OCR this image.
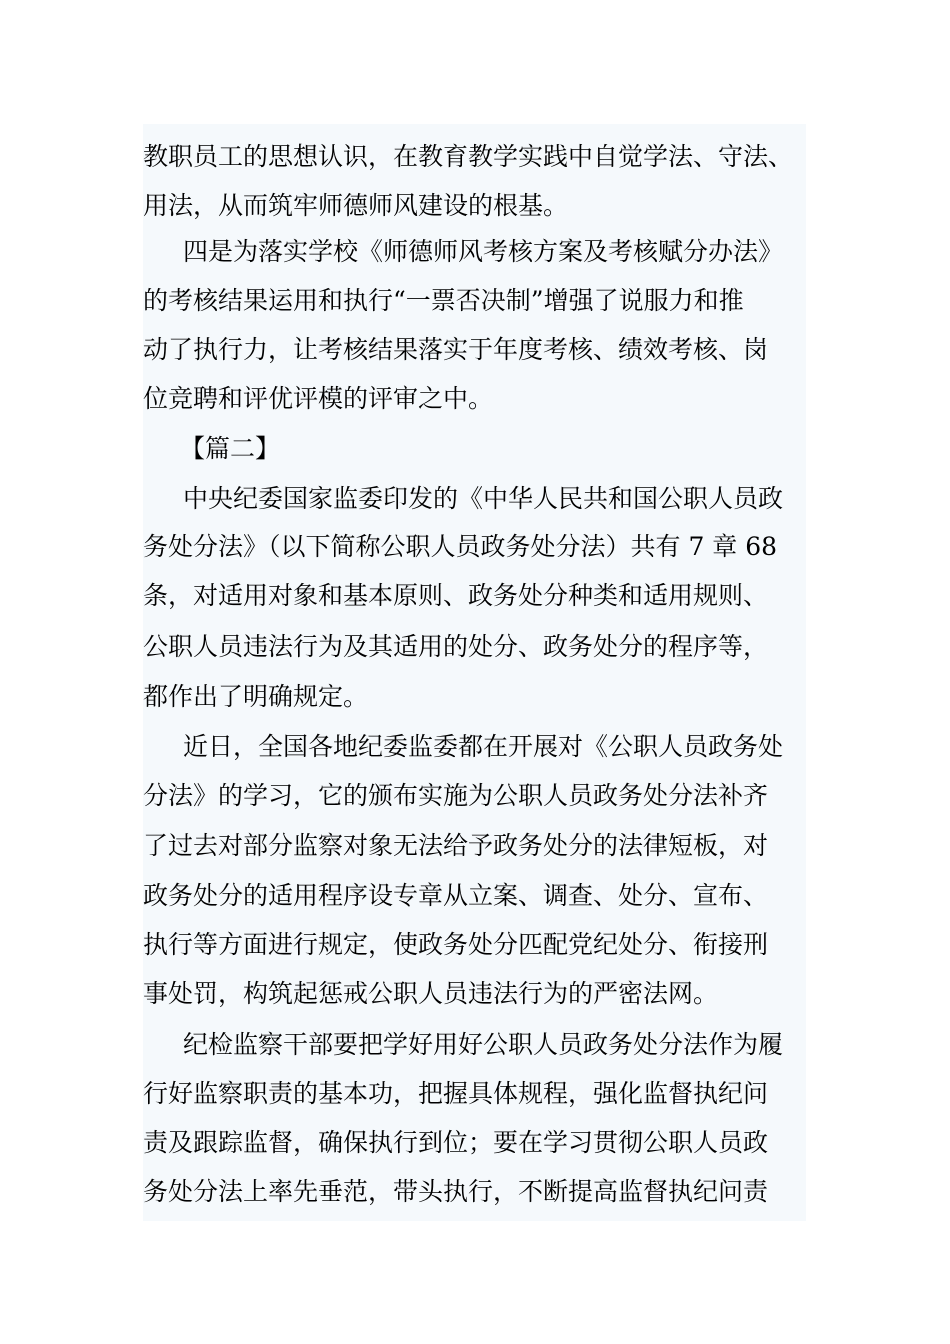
教职员工的思想认识，在教育教学实践中自觉学法、守法、
用法，从而筑牢师德师风建设的根基。
四是为落实学校《师德师风考核方案及考核赋分办法》
的考核结果运用和执行“一票否决制”增强了说服力和推
动了执行力，让考核结果落实于年度考核、绩效考核、岗
位竞聘和评优评模的评审之中。
【篇二】
中央纪委国家监委印发的《中华人民共和国公职人员政
务处分法》（以下简称公职人员政务处分法）共有 7 章 68
条，对适用对象和基本原则、政务处分种类和适用规则、
公职人员违法行为及其适用的处分、政务处分的程序等，
都作出了明确规定。
近日，全国各地纪委监委都在开展对《公职人员政务处
分法》的学习，它的颁布实施为公职人员政务处分法补齐
了过去对部分监察对象无法给予政务处分的法律短板，对
政务处分的适用程序设专章从立案、调查、处分、宣布、
执行等方面进行规定，使政务处分匹配党纪处分、衔接刑
事处罚，构筑起惩戒公职人员违法行为的严密法网。
纪检监察干部要把学好用好公职人员政务处分法作为履
行好监察职责的基本功，把握具体规程，强化监督执纪问
责及跟踪监督，确保执行到位；要在学习贯彻公职人员政
务处分法上率先垂范，带头执行，不断提高监督执纪问责
